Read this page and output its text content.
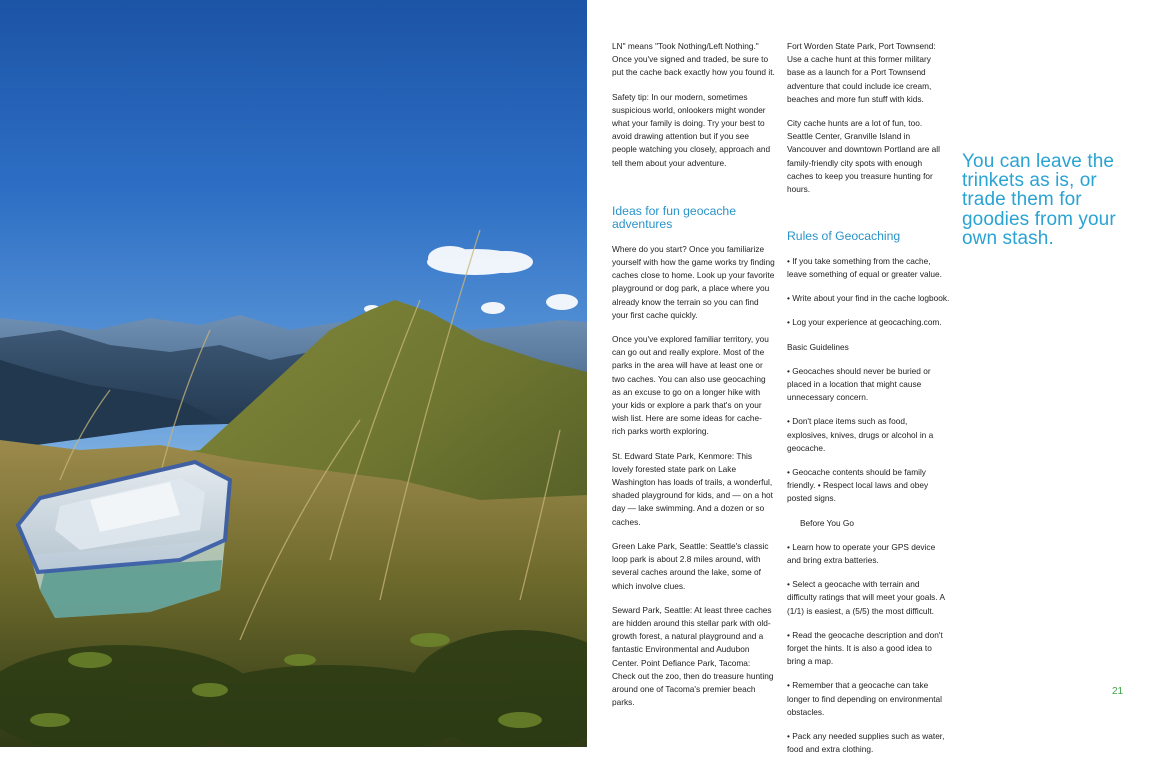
LN" means "Took Nothing/Left Nothing." Once you've signed and traded, be sure to put the cache back exactly how you found it.

Safety tip: In our modern, sometimes suspicious world, onlookers might wonder what your family is doing. Try your best to avoid drawing attention but if you see people watching you closely, approach and tell them about your adventure.

Ideas for fun geocache adventures

Where do you start? Once you familiarize yourself with how the game works try finding caches close to home. Look up your favorite playground or dog park, a place where you already know the terrain so you can find your first cache quickly.

Once you've explored familiar territory, you can go out and really explore. Most of the parks in the area will have at least one or two caches. You can also use geocaching as an excuse to go on a longer hike with your kids or explore a park that's on your wish list. Here are some ideas for cache-rich parks worth exploring.

St. Edward State Park, Kenmore: This lovely forested state park on Lake Washington has loads of trails, a wonderful, shaded playground for kids, and — on a hot day — lake swimming. And a dozen or so caches.

Green Lake Park, Seattle: Seattle's classic loop park is about 2.8 miles around, with several caches around the lake, some of which involve clues.

Seward Park, Seattle: At least three caches are hidden around this stellar park with old-growth forest, a natural playground and a fantastic Environmental and Audubon Center. Point Defiance Park, Tacoma: Check out the zoo, then do treasure hunting around one of Tacoma's premier beach parks.

Fort Worden State Park, Port Townsend: Use a cache hunt at this former military base as a launch for a Port Townsend adventure that could include ice cream, beaches and more fun stuff with kids.

City cache hunts are a lot of fun, too. Seattle Center, Granville Island in Vancouver and downtown Portland are all family-friendly city spots with enough caches to keep you treasure hunting for hours.

Rules of Geocaching

• If you take something from the cache, leave something of equal or greater value.

• Write about your find in the cache logbook.

• Log your experience at geocaching.com.

Basic Guidelines

• Geocaches should never be buried or placed in a location that might cause unnecessary concern.

• Don't place items such as food, explosives, knives, drugs or alcohol in a geocache.

• Geocache contents should be family friendly. • Respect local laws and obey posted signs.

Before You Go

• Learn how to operate your GPS device and bring extra batteries.

• Select a geocache with terrain and difficulty ratings that will meet your goals. A (1/1) is easiest, a (5/5) the most difficult.

• Read the geocache description and don't forget the hints. It is also a good idea to bring a map.

• Remember that a geocache can take longer to find depending on environmental obstacles.

• Pack any needed supplies such as water, food and extra clothing.

You can leave the trinkets as is, or trade them for goodies from your own stash.
21
